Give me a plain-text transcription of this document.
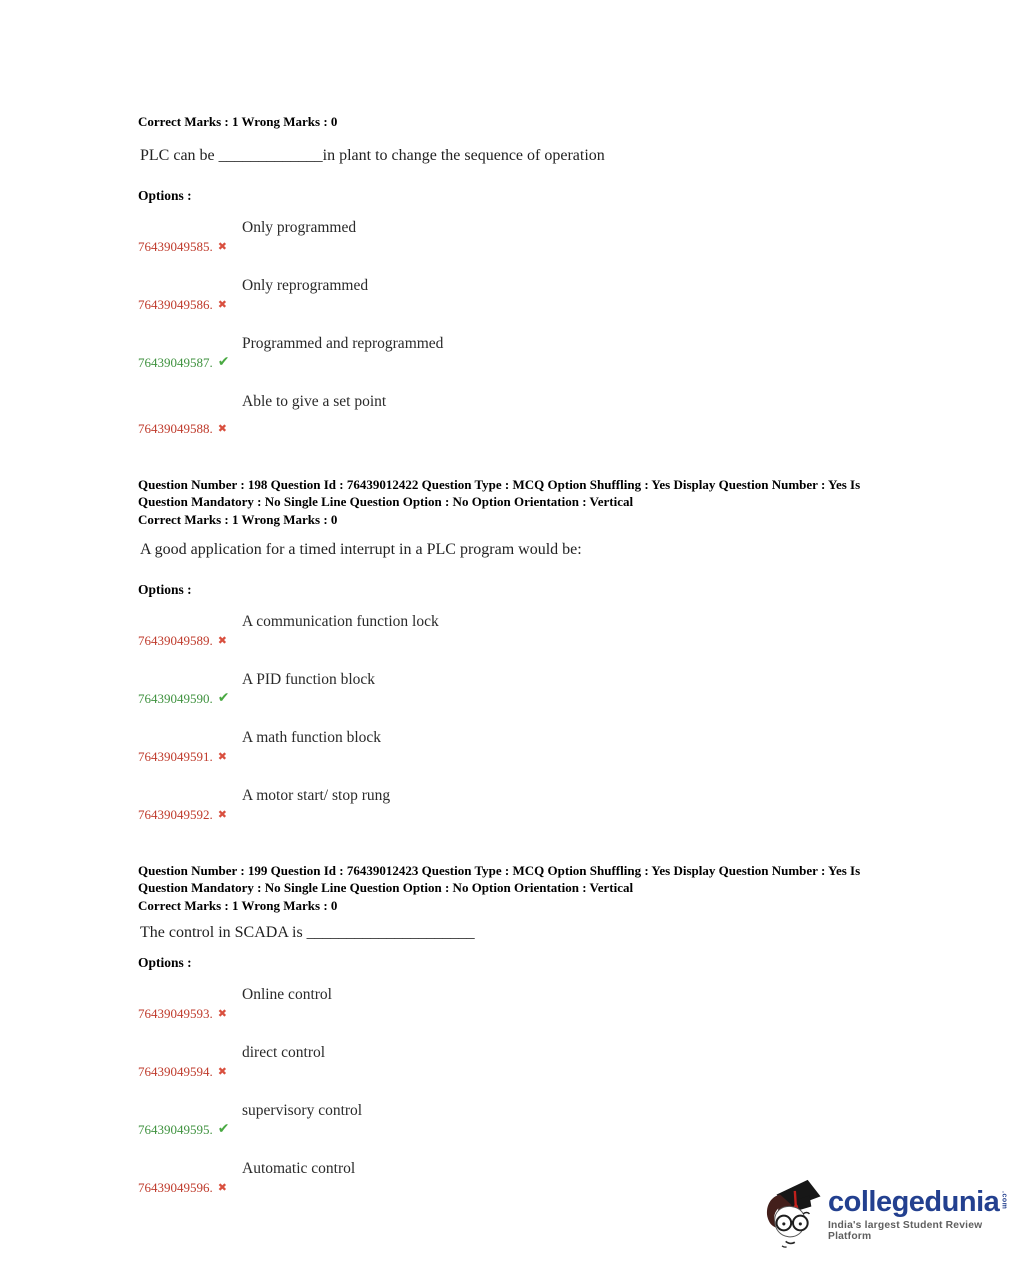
Correct Marks : 1 Wrong Marks : 0

PLC can be _____________in plant to change the sequence of operation

Options :

Only programmed
76439049585. ✖
Only reprogrammed
76439049586. ✖
Programmed and reprogrammed
76439049587. ✔
Able to give a set point
76439049588. ✖

Question Number : 198 Question Id : 76439012422 Question Type : MCQ Option Shuffling : Yes Display Question Number : Yes Is
Question Mandatory : No Single Line Question Option : No Option Orientation : Vertical

Correct Marks : 1 Wrong Marks : 0

A good application for a timed interrupt in a PLC program would be:

Options :

A communication function lock
76439049589. ✖
A PID function block
76439049590. ✔
A math function block
76439049591. ✖
A motor start/ stop rung
76439049592. ✖

Question Number : 199 Question Id : 76439012423 Question Type : MCQ Option Shuffling : Yes Display Question Number : Yes Is
Question Mandatory : No Single Line Question Option : No Option Orientation : Vertical

Correct Marks : 1 Wrong Marks : 0

The control in SCADA is _____________________

Options :

Online control
76439049593. ✖
direct control
76439049594. ✖
supervisory control
76439049595. ✔
Automatic control
76439049596. ✖	collegedunia .com
India's largest Student Review Platform
